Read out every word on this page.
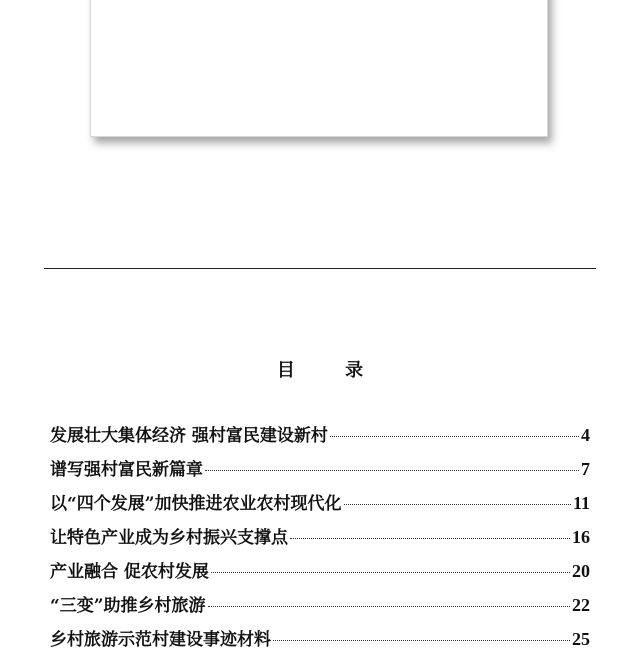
目 录
发展壮大集体经济 强村富民建设新村	4
谱写强村富民新篇章	7
以“四个发展”加快推进农业农村现代化	11
让特色产业成为乡村振兴支撑点	16
产业融合 促农村发展	20
“三变”助推乡村旅游	22
乡村旅游示范村建设事迹材料	25
